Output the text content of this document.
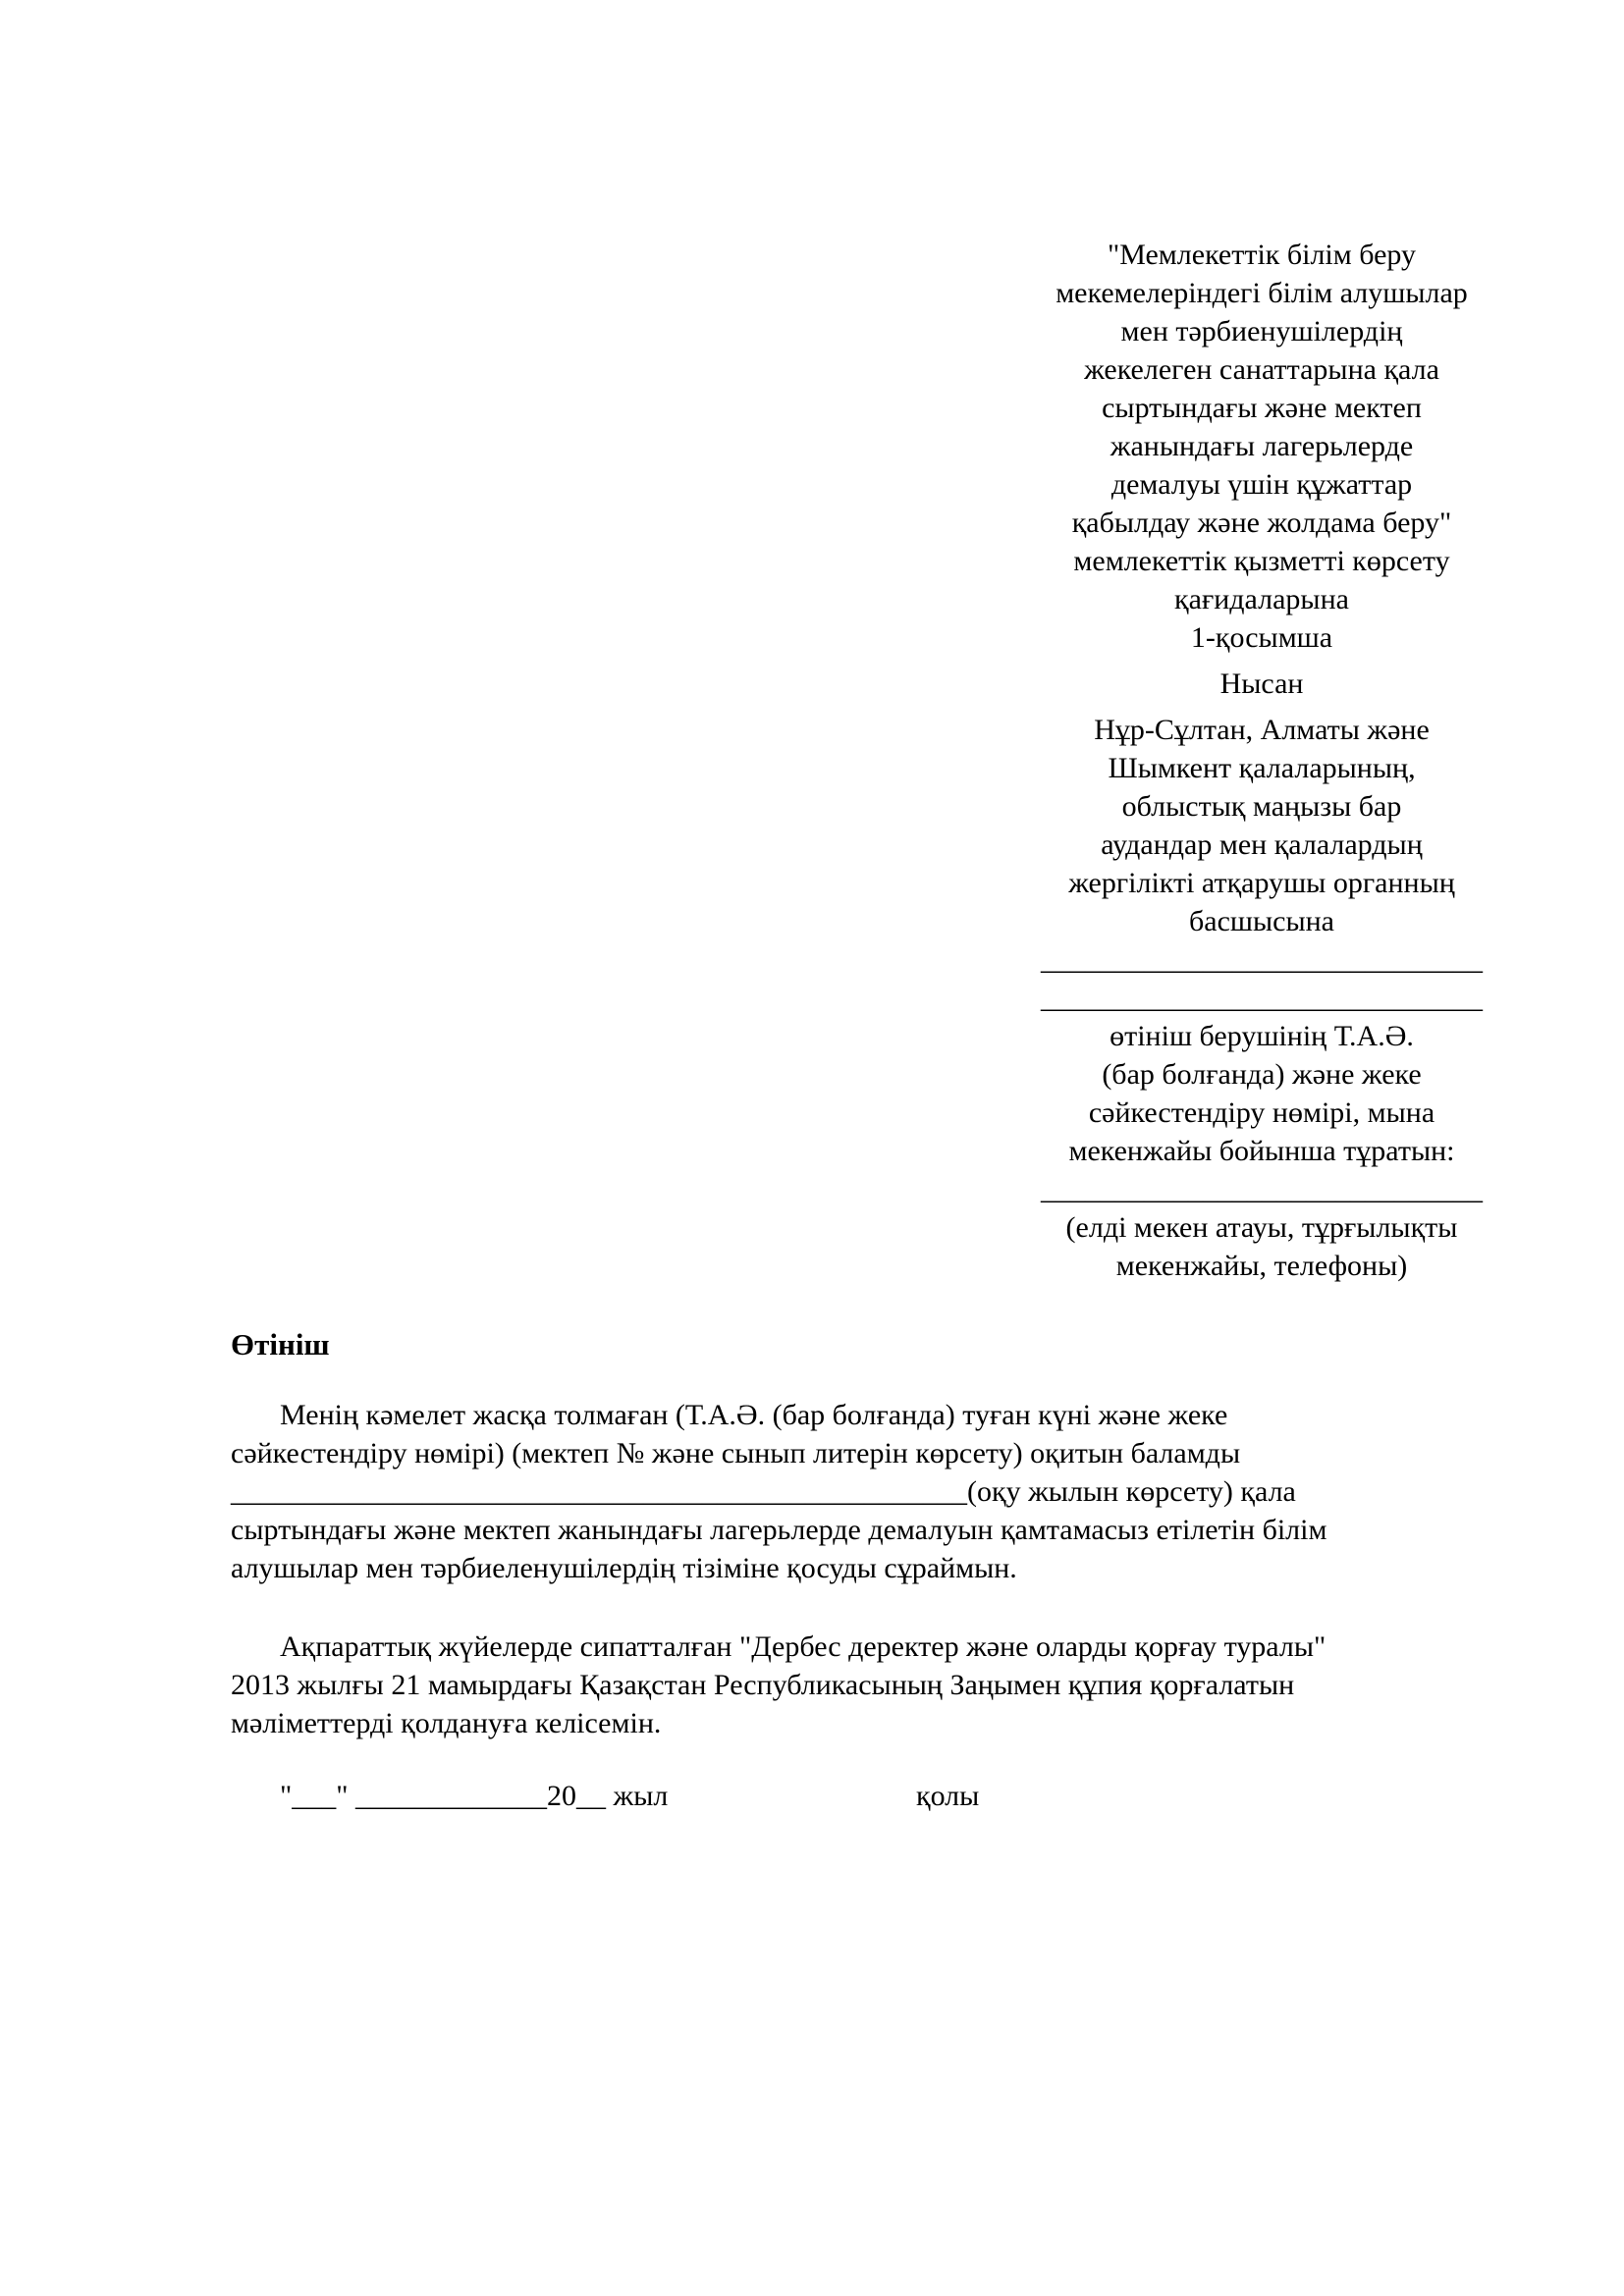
"Мемлекеттік білім беру
мекемелеріндегі білім алушылар
мен тәрбиенушілердің
жекелеген санаттарына қала
сыртындағы және мектеп
жанындағы лагерьлерде
демалуы үшін құжаттар
қабылдау және жолдама беру"
мемлекеттік қызметті көрсету
қағидаларына
1-қосымша
Нысан
Нұр-Сұлтан, Алматы және
Шымкент қалаларының,
облыстық маңызы бар
аудандар мен қалалардың
жергілікті атқарушы органның
басшысына
______________________________
______________________________
өтініш берушінің Т.А.Ә.
(бар болғанда) және жеке
сәйкестендіру нөмірі, мына
мекенжайы бойынша тұратын:
______________________________
(елді мекен атауы, тұрғылықты
мекенжайы, телефоны)
Өтініш
Менің кәмелет жасқа толмаған (Т.А.Ә. (бар болғанда) туған күні және жеке
сәйкестендіру нөмірі) (мектеп № және сынып литерін көрсету) оқитын баламды
__________________________________________________(оқу жылын көрсету) қала
сыртындағы және мектеп жанындағы лагерьлерде демалуын қамтамасыз етілетін білім
алушылар мен тәрбиеленушілердің тізіміне қосуды сұраймын.
Ақпараттық жүйелерде сипатталған "Дербес деректер және оларды қорғау туралы"
2013 жылғы 21 мамырдағы Қазақстан Республикасының Заңымен құпия қорғалатын
мәліметтерді қолдануға келісемін.
"___" _____________20__ жыл	қолы
